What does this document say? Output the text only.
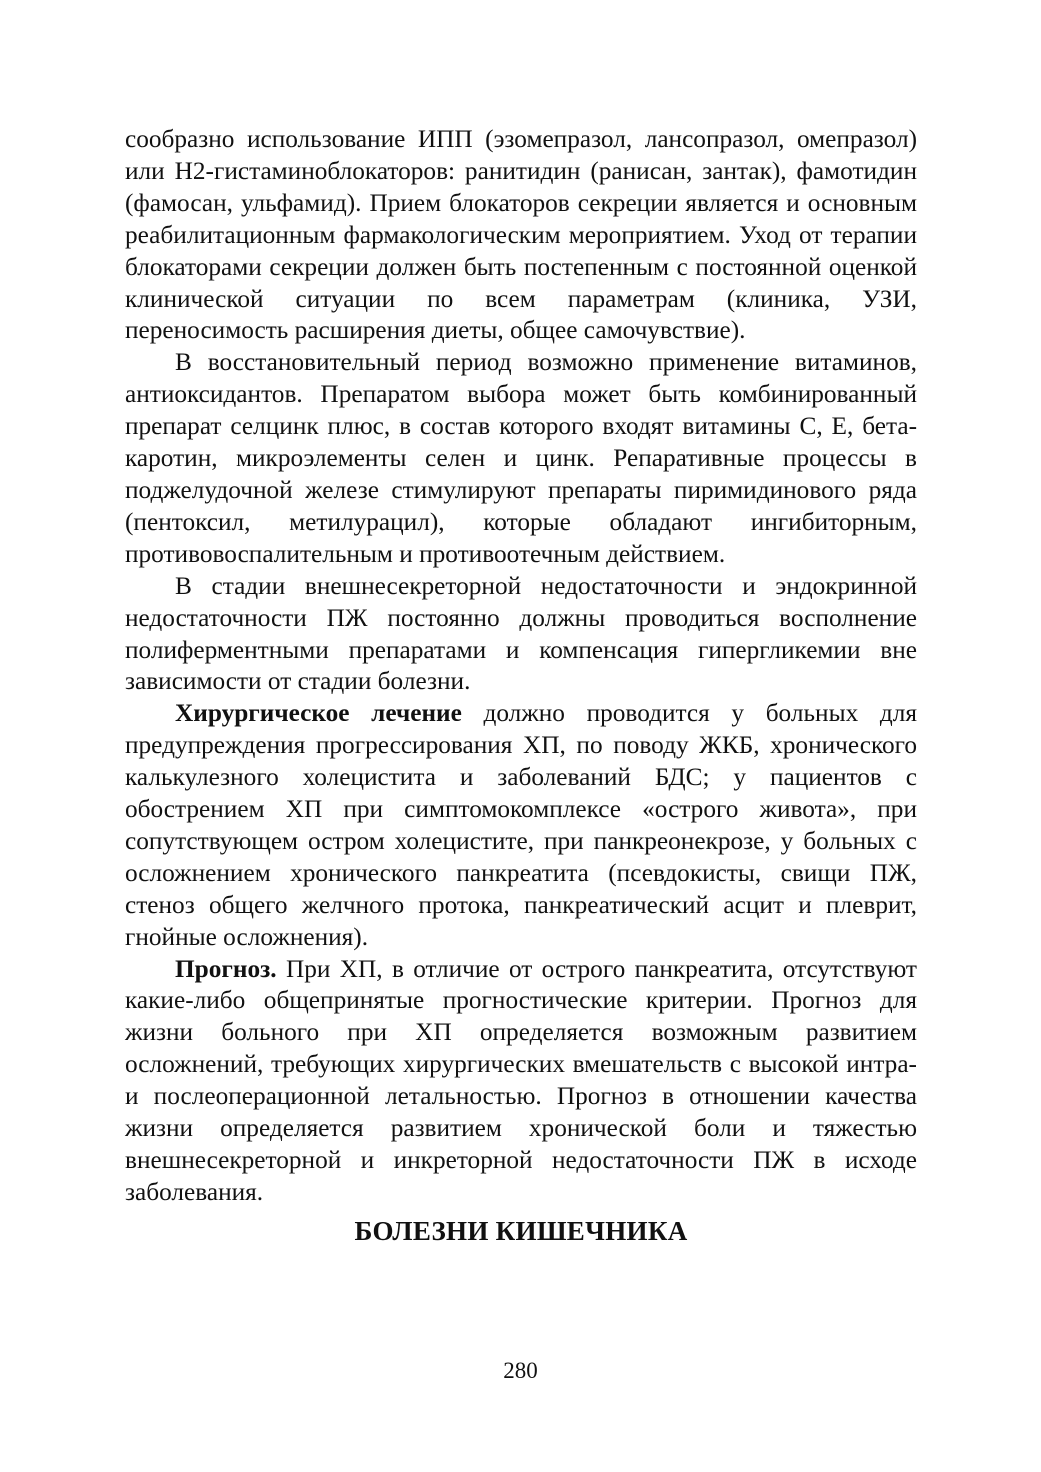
сообразно использование ИПП (эзомепразол, лансопразол, омепразол) или Н2-гистаминоблокаторов: ранитидин (ранисан, зантак), фамотидин (фамосан, ульфамид). Прием блокаторов секреции является и основным реабилитационным фармакологическим мероприятием. Уход от терапии блокаторами секреции должен быть постепенным с постоянной оценкой клинической ситуации по всем параметрам (клиника, УЗИ, переносимость расширения диеты, общее самочувствие).

В восстановительный период возможно применение витаминов, антиоксидантов. Препаратом выбора может быть комбинированный препарат селцинк плюс, в состав которого входят витамины С, Е, бета-каротин, микроэлементы селен и цинк. Репаративные процессы в поджелудочной железе стимулируют препараты пиримидинового ряда (пентоксил, метилурацил), которые обладают ингибиторным, противовоспалительным и противоотечным действием.

В стадии внешнесекреторной недостаточности и эндокринной недостаточности ПЖ постоянно должны проводиться восполнение полиферментными препаратами и компенсация гипергликемии вне зависимости от стадии болезни.

Хирургическое лечение должно проводится у больных для предупреждения прогрессирования ХП, по поводу ЖКБ, хронического калькулезного холецистита и заболеваний БДС; у пациентов с обострением ХП при симптомокомплексе «острого живота», при сопутствующем остром холецистите, при панкреонекрозе, у больных с осложнением хронического панкреатита (псевдокисты, свищи ПЖ, стеноз общего желчного протока, панкреатический асцит и плеврит, гнойные осложнения).

Прогноз. При ХП, в отличие от острого панкреатита, отсутствуют какие-либо общепринятые прогностические критерии. Прогноз для жизни больного при ХП определяется возможным развитием осложнений, требующих хирургических вмешательств с высокой интра- и послеоперационной летальностью. Прогноз в отношении качества жизни определяется развитием хронической боли и тяжестью внешнесекреторной и инкреторной недостаточности ПЖ в исходе заболевания.

БОЛЕЗНИ КИШЕЧНИКА
280
